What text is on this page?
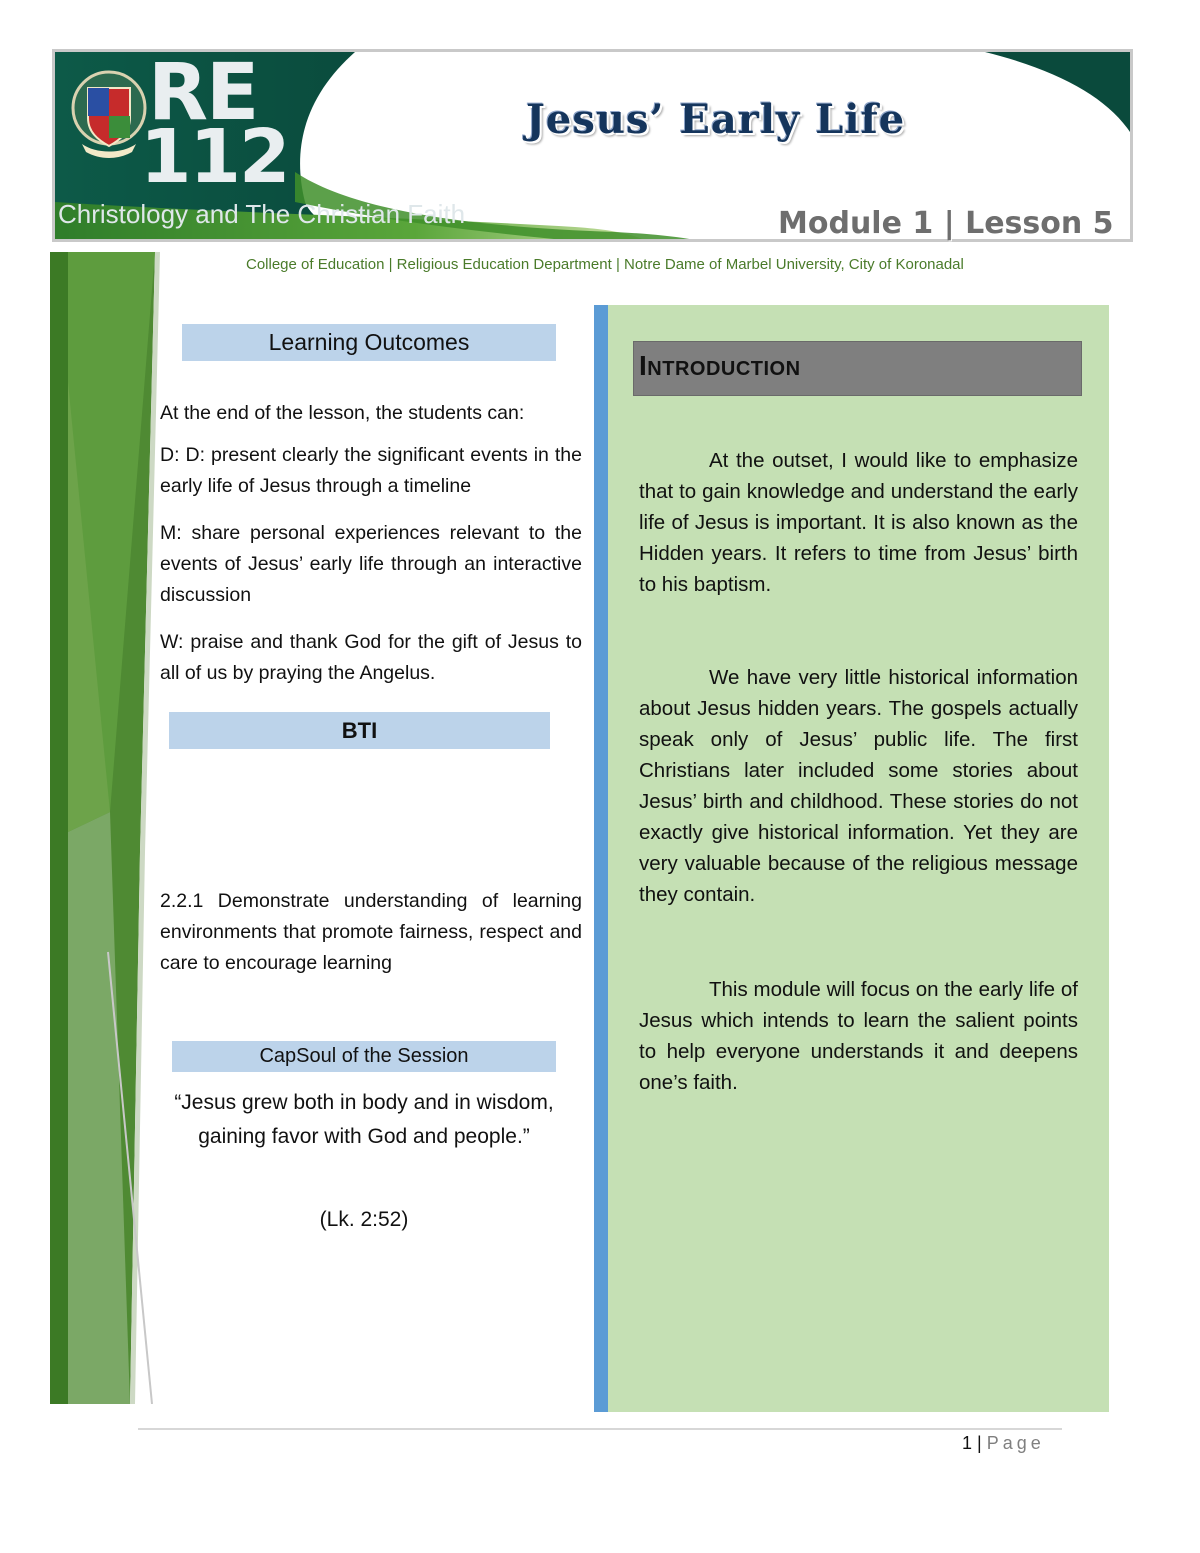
RE
112
Christology and The Christian Faith
Jesus’ Early Life
Module 1 | Lesson 5
College of Education | Religious Education Department | Notre Dame of Marbel University, City of Koronadal
Learning Outcomes
At the end of the lesson, the students can:
D: D: present clearly the significant events in the early life of Jesus through a timeline
M: share personal experiences relevant to the events of Jesus’ early life through an interactive discussion
W: praise and thank God for the gift of Jesus to all of us by praying the Angelus.
BTI
2.2.1 Demonstrate understanding of learning environments that promote fairness, respect and care to encourage learning
CapSoul of the Session
“Jesus grew both in body and in wisdom, gaining favor with God and people.”
(Lk. 2:52)
Introduction
At the outset, I would like to emphasize that to gain knowledge and understand the early life of Jesus is important. It is also known as the Hidden years. It refers to time from Jesus’ birth to his baptism.
We have very little historical information about Jesus hidden years. The gospels actually speak only of Jesus’ public life. The first Christians later included some stories about Jesus’ birth and childhood. These stories do not exactly give historical information. Yet they are very valuable because of the religious message they contain.
This module will focus on the early life of Jesus which intends to learn the salient points to help everyone understands it and deepens one’s faith.
1 | Page
